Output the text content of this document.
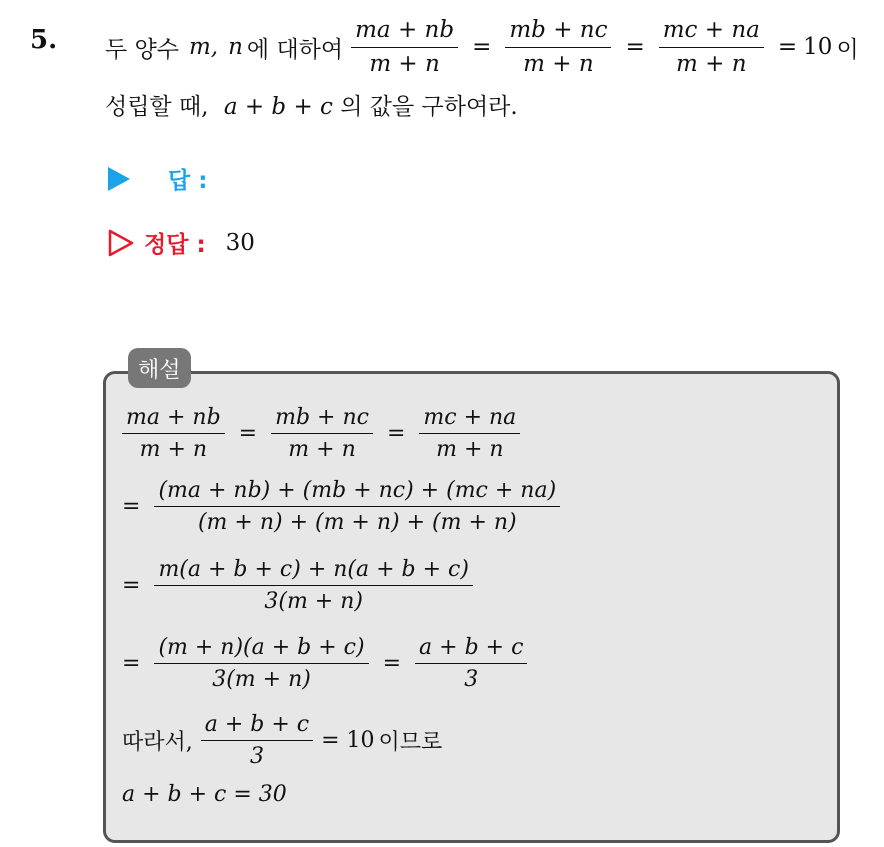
5. 두 양수 m, n 에 대하여 $\frac{ma + nb}{m + n} = \frac{mb + nc}{m + n} = \frac{mc + na}{m + n} = 10$ 이
성립할 때, a + b + c 의 값을 구하여라.
답 :
정답 : 30
해설
$\frac{ma + nb}{m + n} = \frac{mb + nc}{m + n} = \frac{mc + na}{m + n}$
= $\frac{(ma + nb) + (mb + nc) + (mc + na)}{(m + n) + (m + n) + (m + n)}$
= $\frac{m(a + b + c) + n(a + b + c)}{3(m + n)}$
= $\frac{(m + n)(a + b + c)}{3(m + n)} = \frac{a + b + c}{3}$
따라서, $\frac{a + b + c}{3} = 10$ 이므로
a + b + c = 30
